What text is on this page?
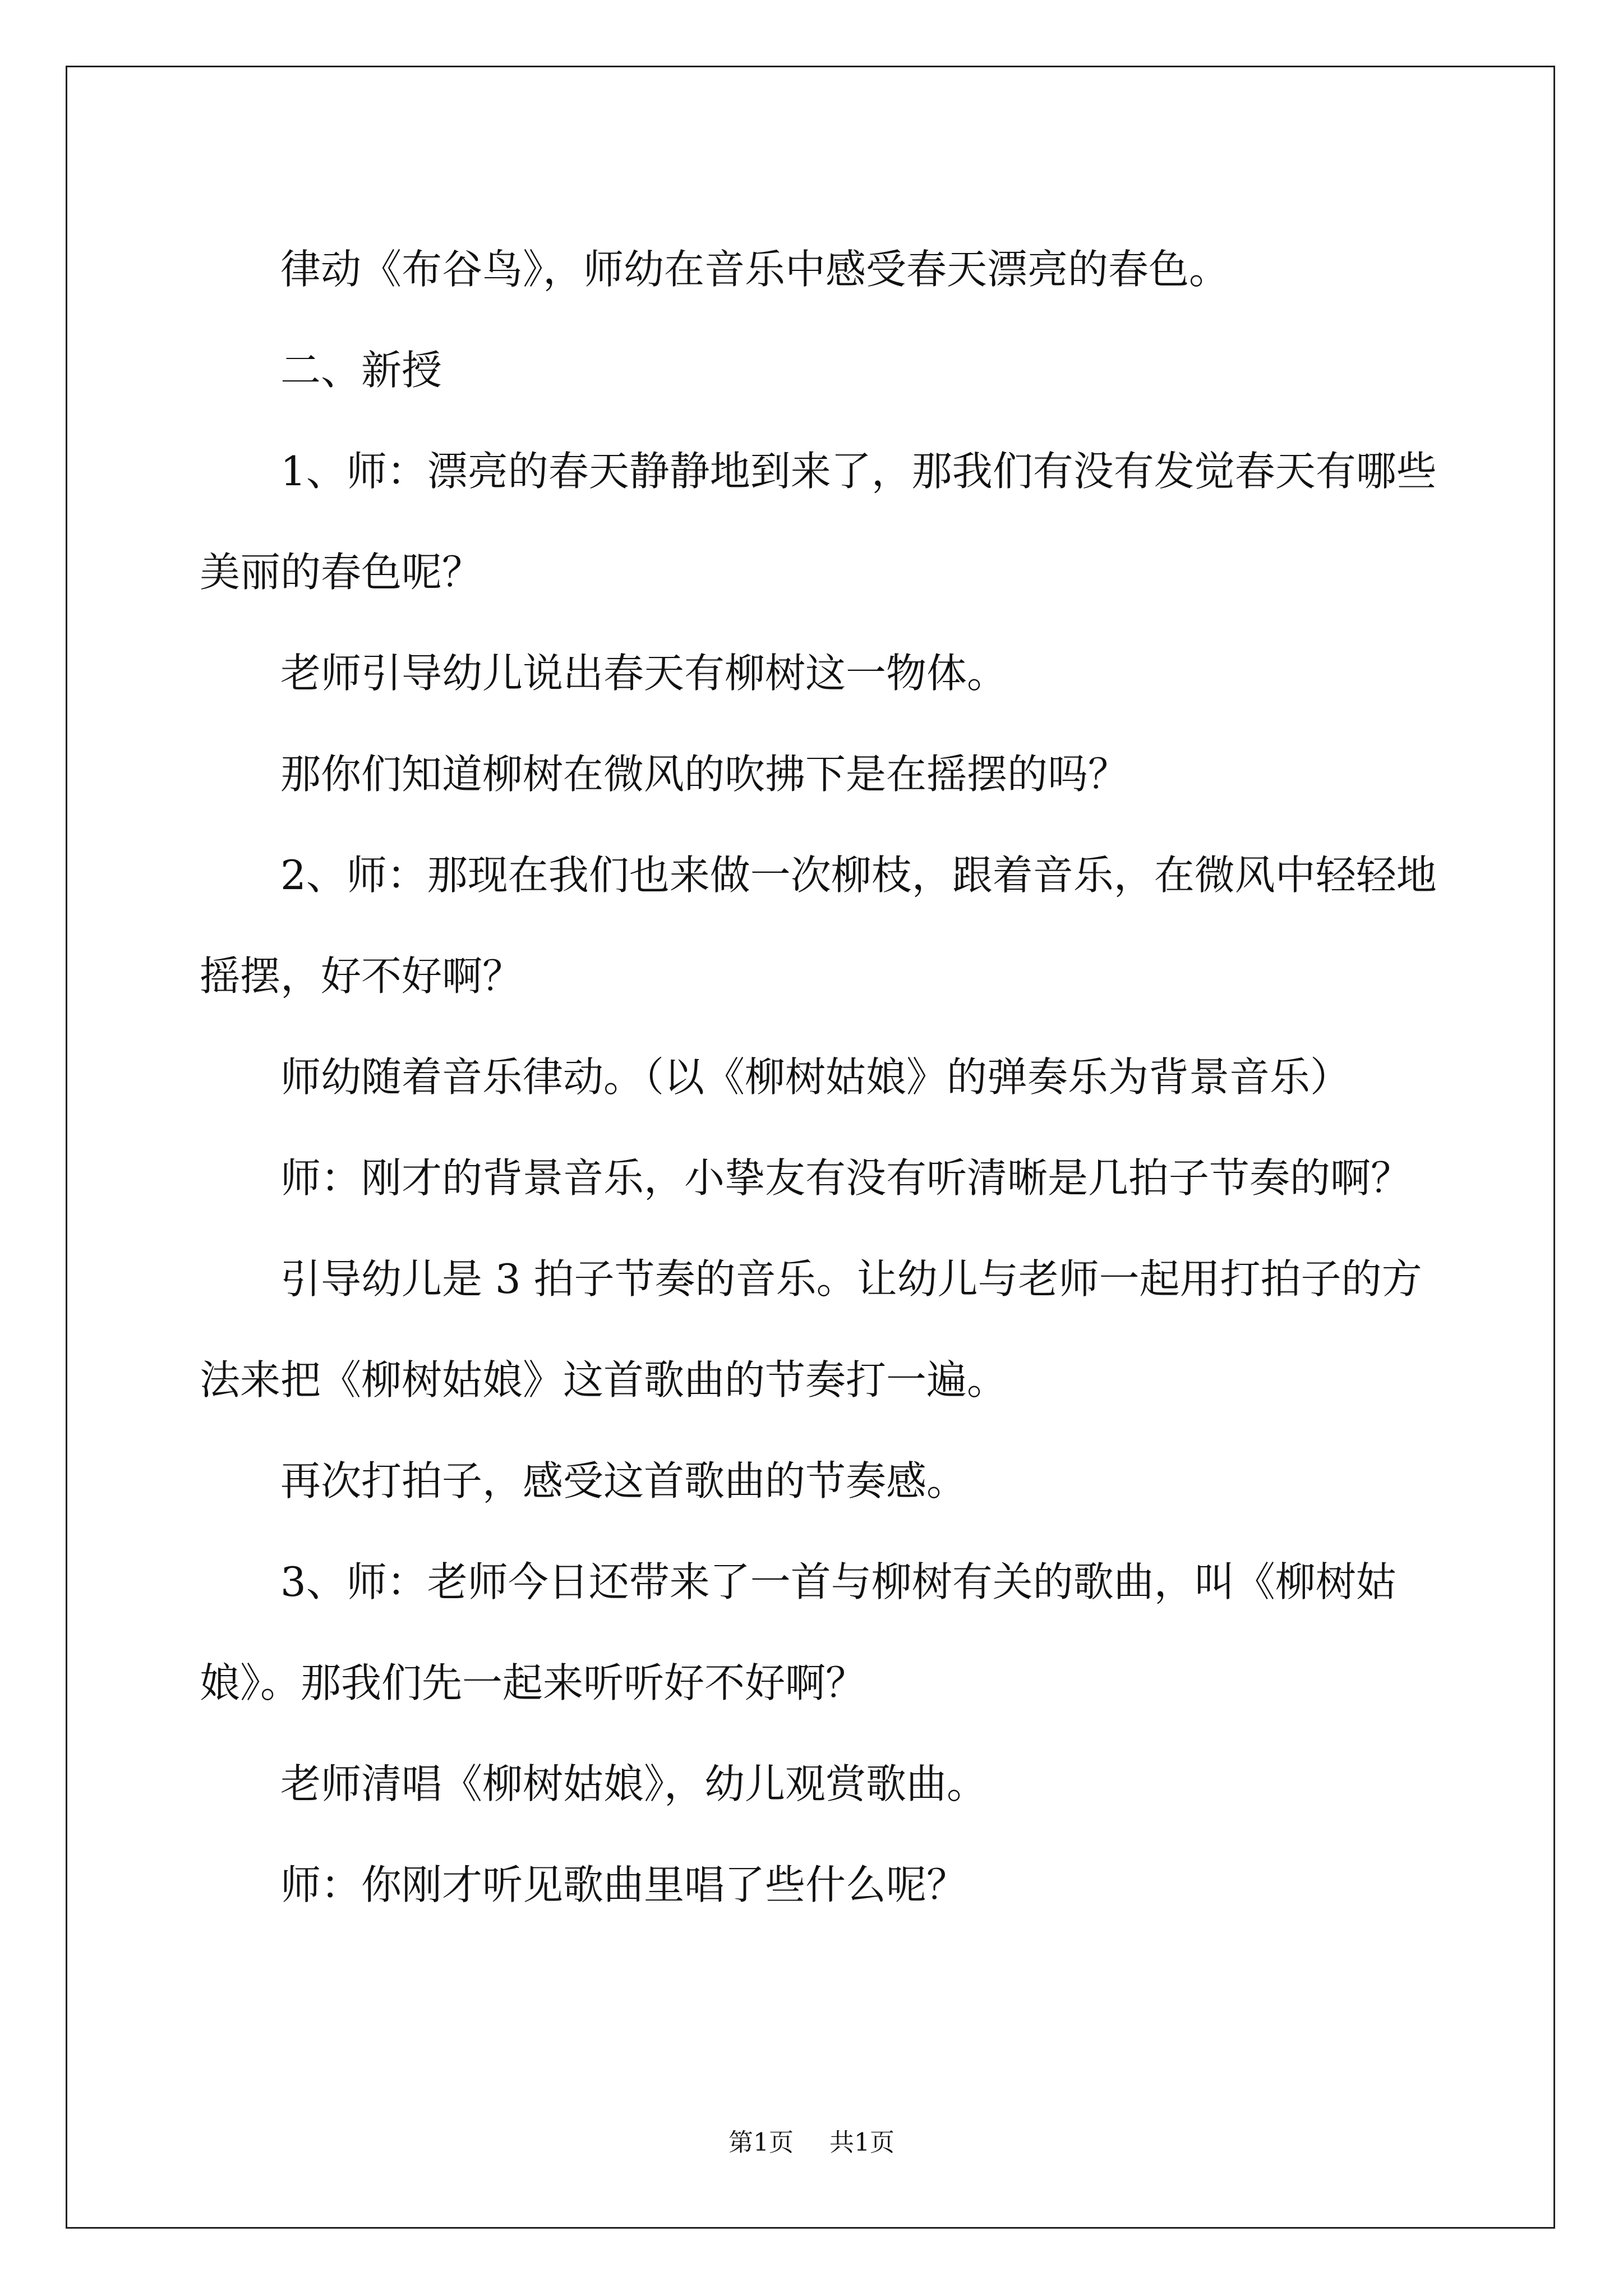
律动《布谷鸟》，师幼在音乐中感受春天漂亮的春色。

二、新授

1、师：漂亮的春天静静地到来了，那我们有没有发觉春天有哪些

美丽的春色呢？

老师引导幼儿说出春天有柳树这一物体。

那你们知道柳树在微风的吹拂下是在摇摆的吗？

2、师：那现在我们也来做一次柳枝，跟着音乐，在微风中轻轻地

摇摆，好不好啊？

师幼随着音乐律动。（以《柳树姑娘》的弹奏乐为背景音乐）

师：刚才的背景音乐，小挚友有没有听清晰是几拍子节奏的啊？

引导幼儿是 3 拍子节奏的音乐。让幼儿与老师一起用打拍子的方

法来把《柳树姑娘》这首歌曲的节奏打一遍。

再次打拍子，感受这首歌曲的节奏感。

3、师：老师今日还带来了一首与柳树有关的歌曲，叫《柳树姑

娘》。那我们先一起来听听好不好啊？

老师清唱《柳树姑娘》，幼儿观赏歌曲。

师：你刚才听见歌曲里唱了些什么呢？

第1页 共1页
